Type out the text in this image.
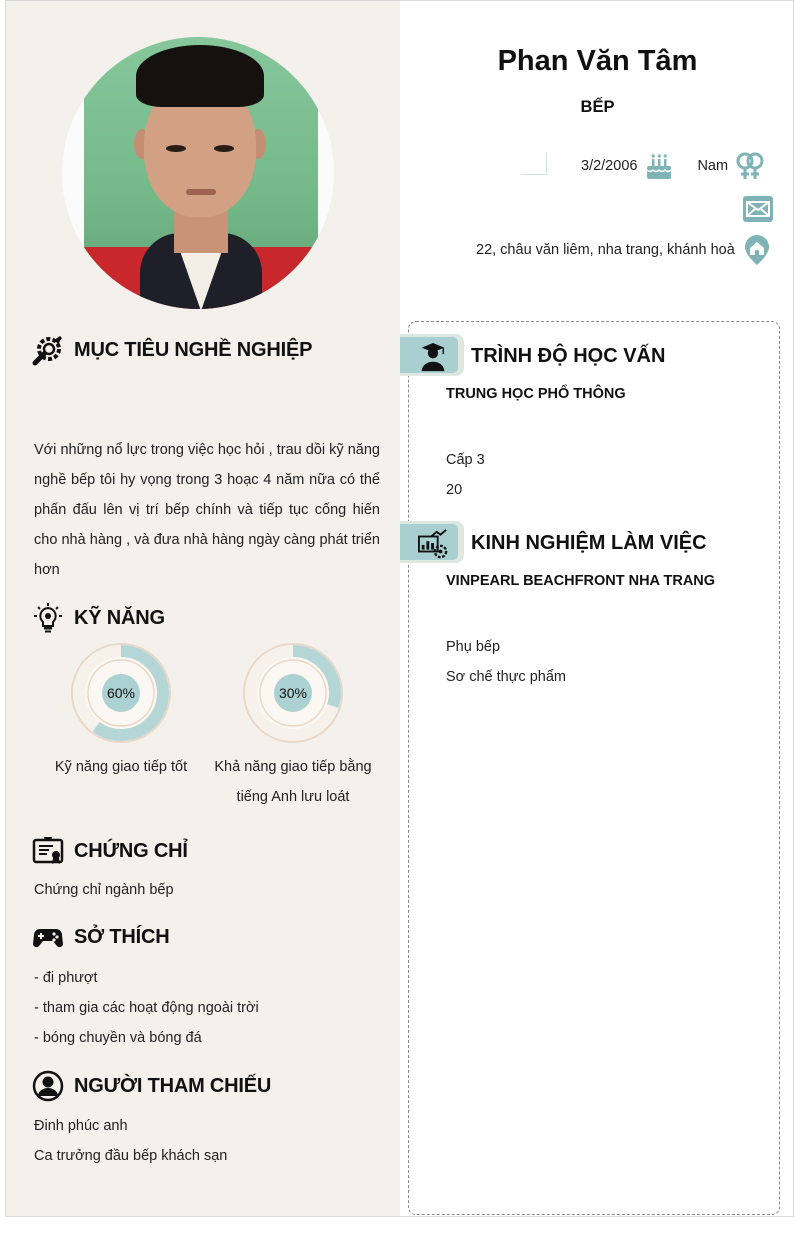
MỤC TIÊU NGHỀ NGHIỆP
Với những nổ lực trong việc học hỏi , trau dồi kỹ năng nghề bếp tôi hy vọng trong 3 hoạc 4 năm nữa có thể phấn đấu lên vị trí bếp chính và tiếp tục cống hiến cho nhà hàng , và đưa nhà hàng ngày càng phát triển hơn
KỸ NĂNG
60%
Kỹ năng giao tiếp tốt
30%
Khả năng giao tiếp bằng
tiếng Anh lưu loát
CHỨNG CHỈ
Chứng chỉ ngành bếp
SỞ THÍCH
- đi phượt
- tham gia các hoạt động ngoài trời
- bóng chuyền và bóng đá
NGƯỜI THAM CHIẾU
Đinh phúc anh
Ca trưởng đầu bếp khách sạn
Phan Văn Tâm
BẾP
3/2/2006	Nam
22, châu văn liêm, nha trang, khánh hoà
TRÌNH ĐỘ HỌC VẤN
TRUNG HỌC PHỔ THÔNG
Cấp 3
20
KINH NGHIỆM LÀM VIỆC
VINPEARL BEACHFRONT NHA TRANG
Phụ bếp
Sơ chế thực phẩm
